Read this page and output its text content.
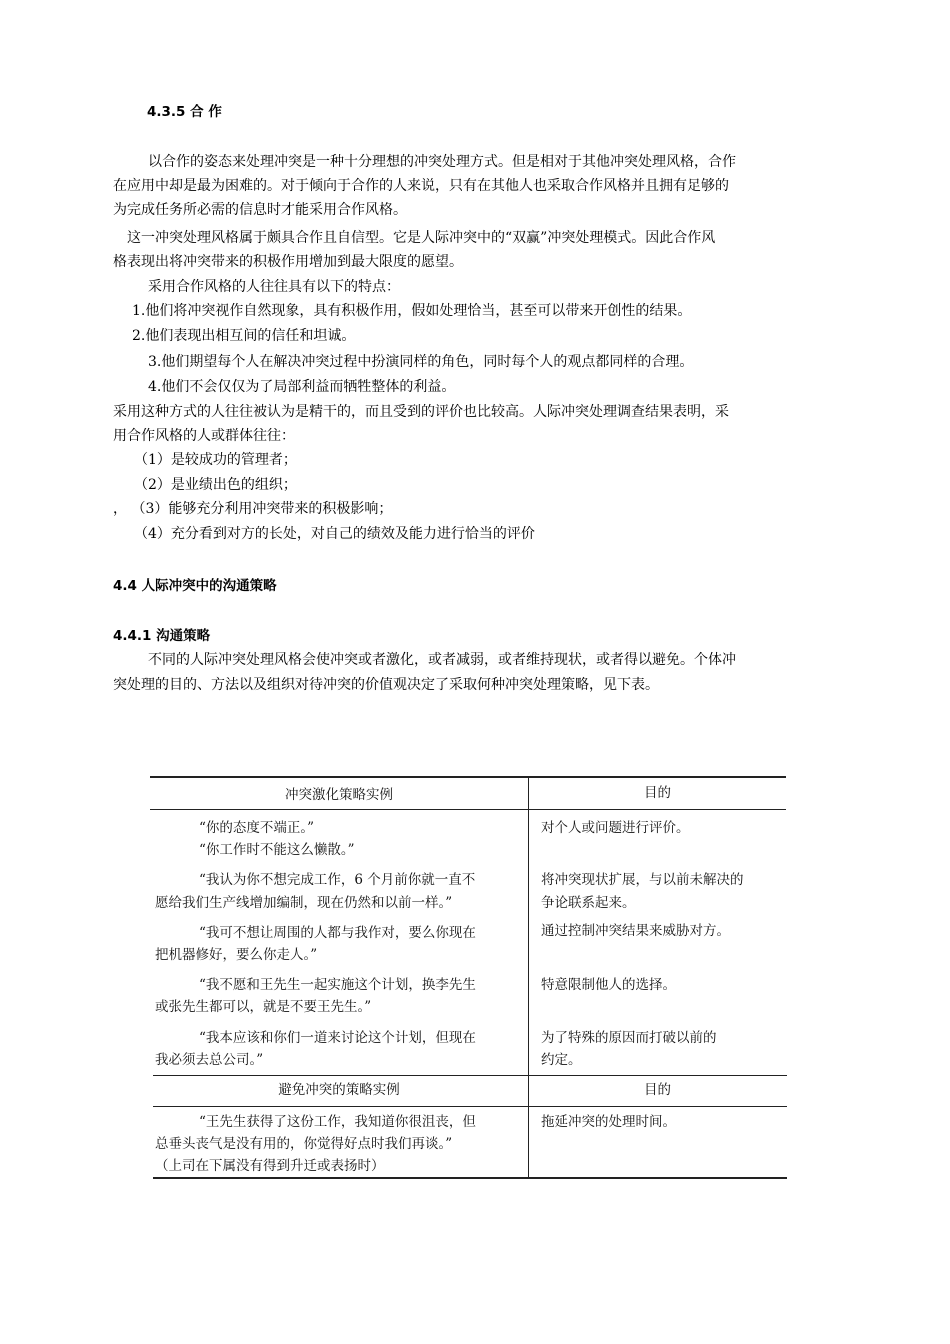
4.3.5 合 作
以合作的姿态来处理冲突是一种十分理想的冲突处理方式。但是相对于其他冲突处理风格，合作
在应用中却是最为困难的。对于倾向于合作的人来说，只有在其他人也采取合作风格并且拥有足够的
为完成任务所必需的信息时才能采用合作风格。
这一冲突处理风格属于颇具合作且自信型。它是人际冲突中的“双赢”冲突处理模式。因此合作风
格表现出将冲突带来的积极作用增加到最大限度的愿望。
采用合作风格的人往往具有以下的特点：
1.他们将冲突视作自然现象，具有积极作用，假如处理恰当，甚至可以带来开创性的结果。
2.他们表现出相互间的信任和坦诚。
3.他们期望每个人在解决冲突过程中扮演同样的角色，同时每个人的观点都同样的合理。
4.他们不会仅仅为了局部利益而牺牲整体的利益。
采用这种方式的人往往被认为是精干的，而且受到的评价也比较高。人际冲突处理调查结果表明，采
用合作风格的人或群体往往：
（1）是较成功的管理者；
（2）是业绩出色的组织；
， （3）能够充分利用冲突带来的积极影响；
（4）充分看到对方的长处，对自己的绩效及能力进行恰当的评价
4.4 人际冲突中的沟通策略
4.4.1 沟通策略
不同的人际冲突处理风格会使冲突或者激化，或者减弱，或者维持现状，或者得以避免。个体冲
突处理的目的、方法以及组织对待冲突的价值观决定了采取何种冲突处理策略，见下表。
冲突激化策略实例	目的
“你的态度不端正。”
“你工作时不能这么懒散。”
对个人或问题进行评价。
“我认为你不想完成工作，6 个月前你就一直不
愿给我们生产线增加编制，现在仍然和以前一样。”
将冲突现状扩展，与以前未解决的
争论联系起来。
“我可不想让周围的人都与我作对，要么你现在
把机器修好，要么你走人。”
通过控制冲突结果来威胁对方。
“我不愿和王先生一起实施这个计划，换李先生
或张先生都可以，就是不要王先生。”
特意限制他人的选择。
“我本应该和你们一道来讨论这个计划，但现在
我必须去总公司。”
为了特殊的原因而打破以前的
约定。
避免冲突的策略实例	目的
“王先生获得了这份工作，我知道你很沮丧，但
总垂头丧气是没有用的，你觉得好点时我们再谈。”
（上司在下属没有得到升迁或表扬时）
拖延冲突的处理时间。
